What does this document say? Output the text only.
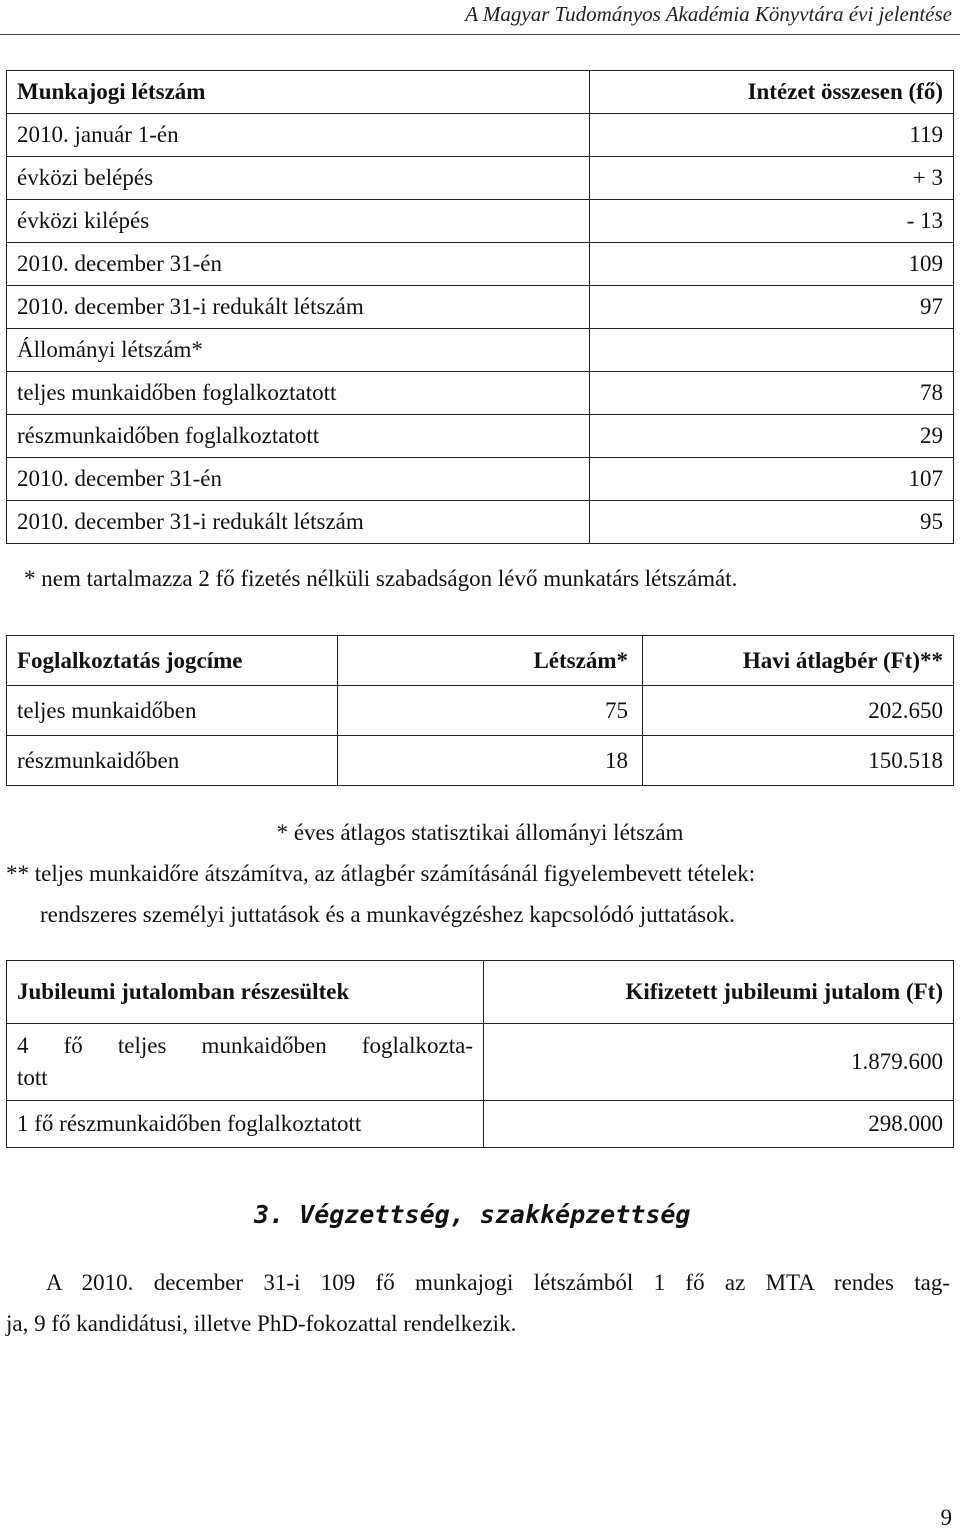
A Magyar Tudományos Akadémia Könyvtára évi jelentése
Munkajogi létszám	Intézet összesen (fő)
2010. január 1-én	119
évközi belépés	+ 3
évközi kilépés	- 13
2010. december 31-én	109
2010. december 31-i redukált létszám	97
Állományi létszám*	
teljes munkaidőben foglalkoztatott	78
részmunkaidőben foglalkoztatott	29
2010. december 31-én	107
2010. december 31-i redukált létszám	95
* nem tartalmazza 2 fő fizetés nélküli szabadságon lévő munkatárs létszámát.
Foglalkoztatás jogcíme	Létszám*	Havi átlagbér (Ft)**
teljes munkaidőben	75	202.650
részmunkaidőben	18	150.518
* éves átlagos statisztikai állományi létszám
** teljes munkaidőre átszámítva, az átlagbér számításánál figyelembevett tételek:
rendszeres személyi juttatások és a munkavégzéshez kapcsolódó juttatások.
Jubileumi jutalomban részesültek	Kifizetett jubileumi jutalom (Ft)

4 fő teljes munkaidőben foglalkozta-
tott	1.879.600
1 fő részmunkaidőben foglalkoztatott	298.000
3. Végzettség, szakképzettség
A 2010. december 31-i 109 fő munkajogi létszámból 1 fő az MTA rendes tag-
ja, 9 fő kandidátusi, illetve PhD-fokozattal rendelkezik.
9
